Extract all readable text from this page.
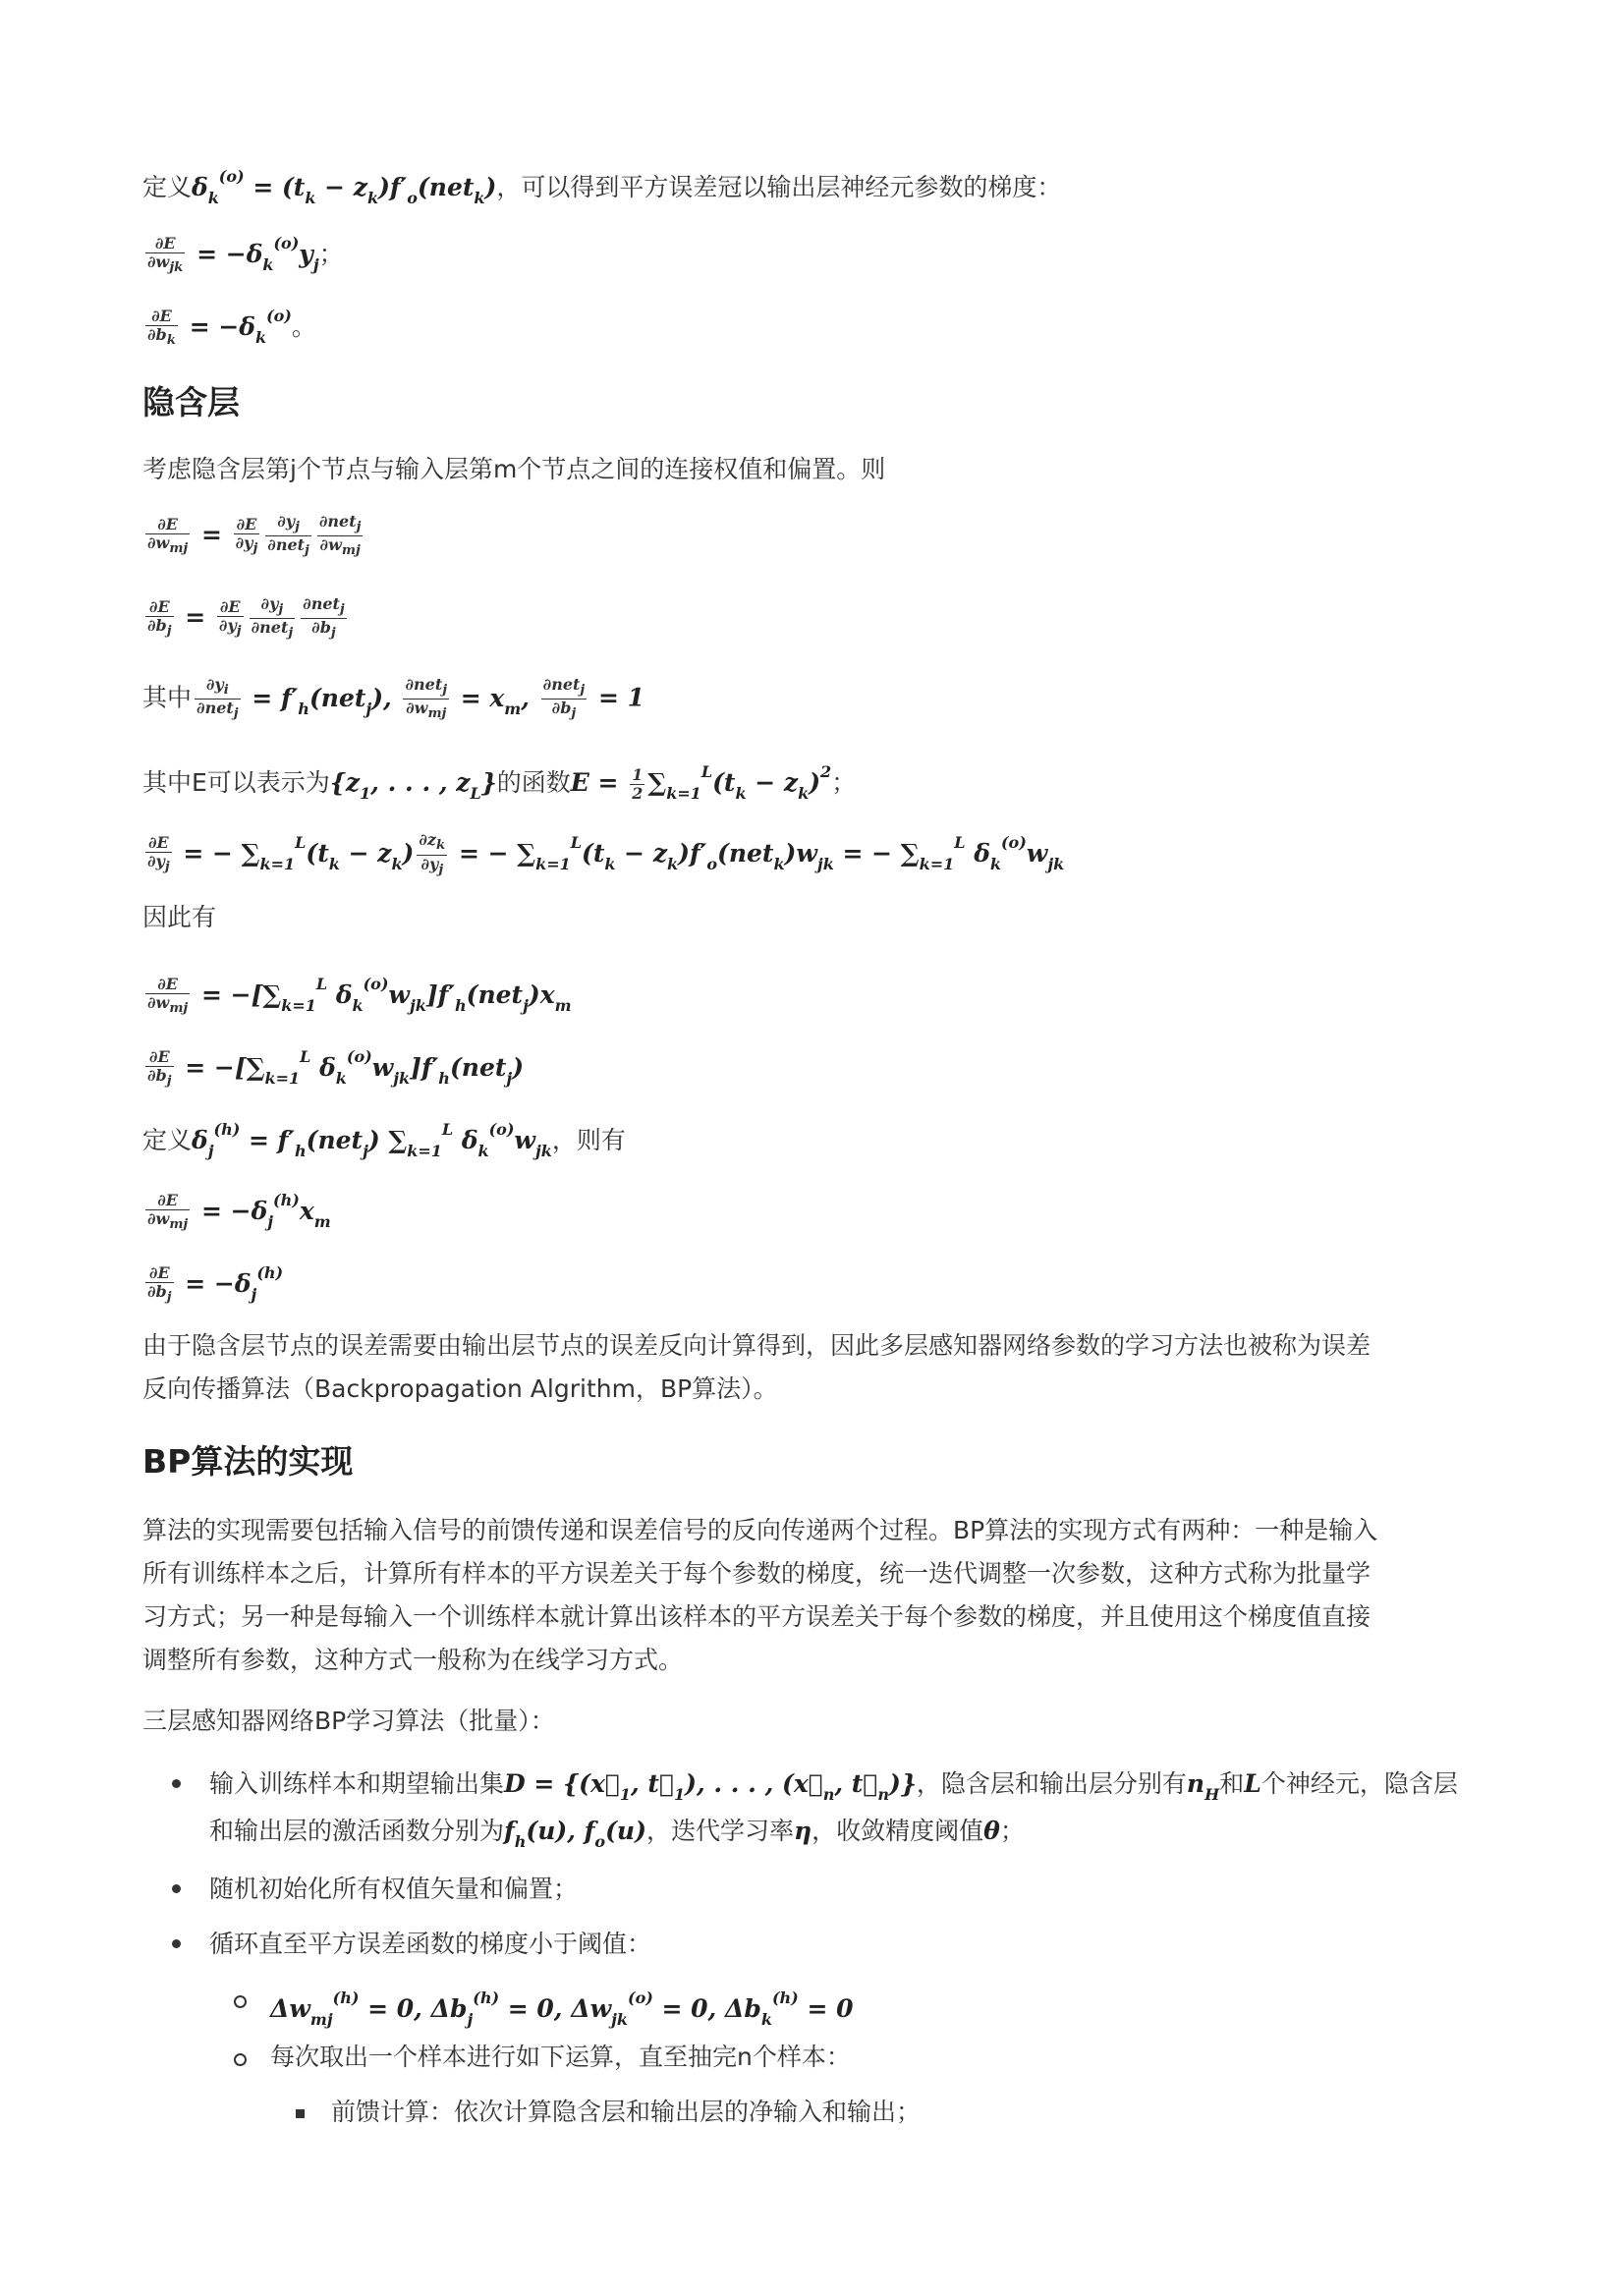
定义$\delta_k^{(o)} = (t_k - z_k)f'_o(net_k)$，可以得到平方误差冠以输出层神经元参数的梯度：
$\frac{\partial E}{\partial w_{jk}} = -\delta_k^{(o)}y_j$；
$\frac{\partial E}{\partial b_k} = -\delta_k^{(o)}$。
隐含层
考虑隐含层第j个节点与输入层第m个节点之间的连接权值和偏置。则
$\frac{\partial E}{\partial w_{mj}} = \frac{\partial E}{\partial y_j} \frac{\partial y_j}{\partial net_j} \frac{\partial net_j}{\partial w_{mj}}$
$\frac{\partial E}{\partial b_j} = \frac{\partial E}{\partial y_j} \frac{\partial y_j}{\partial net_j} \frac{\partial net_j}{\partial b_j}$
其中 $\frac{\partial y_i}{\partial net_j} = f'_h(net_j)$, $\frac{\partial net_j}{\partial w_{mj}} = x_m$, $\frac{\partial net_j}{\partial b_j} = 1$
其中E可以表示为{$z_1$, . . . , $z_L$}的函数$E = \frac{1}{2} \sum_{k=1}^L(t_k - z_k)^2$；
$\frac{\partial E}{\partial y_j}$ = − $\sum_{k=1}^L(t_k - z_k) \frac{\partial z_k}{\partial y_j}$ = − $\sum_{k=1}^L(t_k - z_k)f'_o(net_k)w_{jk}$ = − $\sum_{k=1}^L$ $\delta_k^{(o)}w_{jk}$
因此有
$\frac{\partial E}{\partial w_{mj}} = -[\sum_{k=1}^L$ $\delta_k^{(o)}w_{jk}]f'_h(net_j)x_m$
$\frac{\partial E}{\partial b_j} = -[\sum_{k=1}^L$ $\delta_k^{(o)}w_{jk}]f'_h(net_j)$
定义$\delta_j^{(h)} = f'_h(net_j)$ $\sum_{k=1}^L$ $\delta_k^{(o)}w_{jk}$，则有
$\frac{\partial E}{\partial w_{mj}} = -\delta_j^{(h)}x_m$
$\frac{\partial E}{\partial b_j} = -\delta_j^{(h)}$
由于隐含层节点的误差需要由输出层节点的误差反向计算得到，因此多层感知器网络参数的学习方法也被称为误差
反向传播算法（Backpropagation Algrithm，BP算法）。
BP算法的实现
算法的实现需要包括输入信号的前馈传递和误差信号的反向传递两个过程。BP算法的实现方式有两种：一种是输入
所有训练样本之后，计算所有样本的平方误差关于每个参数的梯度，统一迭代调整一次参数，这种方式称为批量学
习方式；另一种是每输入一个训练样本就计算出该样本的平方误差关于每个参数的梯度，并且使用这个梯度值直接
调整所有参数，这种方式一般称为在线学习方式。
三层感知器网络BP学习算法（批量）：
输入训练样本和期望输出集$D = \{(x⃗_1$, $t⃗_1$), . . . , ($x⃗_n$, $t⃗_n$)}，隐含层和输出层分别有$n_H$和L个神经元，隐含层
和输出层的激活函数分别为$f_h(u)$, $f_o(u)$，迭代学习率η，收敛精度阈值θ；
随机初始化所有权值矢量和偏置；
循环直至平方误差函数的梯度小于阈值：
$\Delta w_{mj}^{(h)} = 0$, $\Delta b_j^{(h)} = 0$, $\Delta w_{jk}^{(o)} = 0$, $\Delta b_k^{(h)} = 0$
每次取出一个样本进行如下运算，直至抽完n个样本：
前馈计算：依次计算隐含层和输出层的净输入和输出；
